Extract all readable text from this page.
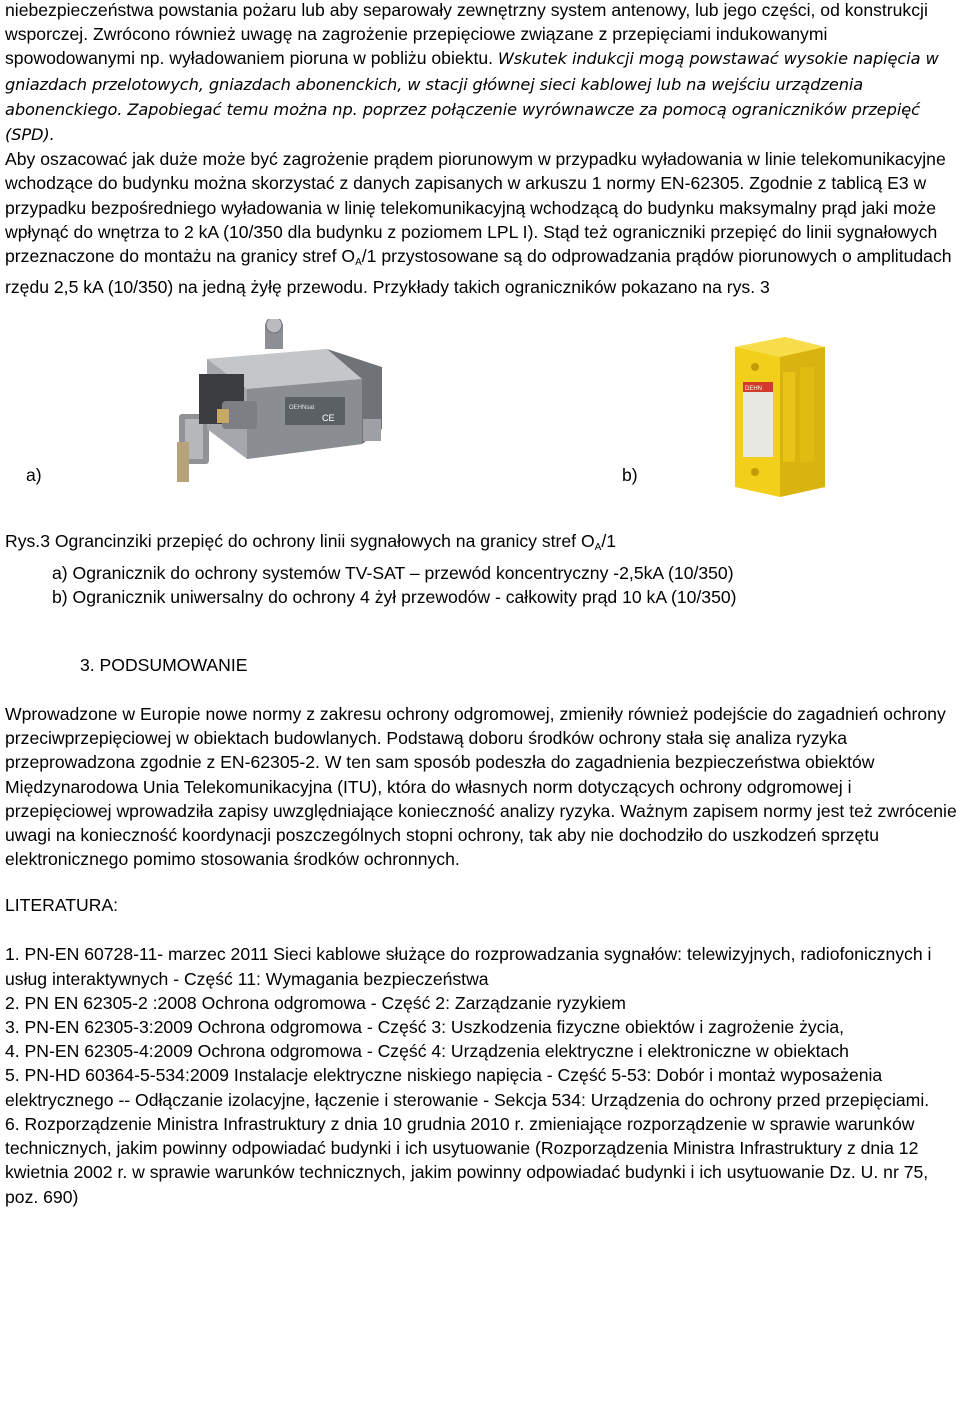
niebezpieczeństwa powstania pożaru lub aby separowały zewnętrzny system antenowy, lub jego części, od konstrukcji wsporczej. Zwrócono również uwagę na zagrożenie przepięciowe związane z przepięciami indukowanymi spowodowanymi np. wyładowaniem pioruna w pobliżu obiektu. Wskutek indukcji mogą powstawać wysokie napięcia w gniazdach przelotowych, gniazdach abonenckich, w stacji głównej sieci kablowej lub na wejściu urządzenia abonenckiego. Zapobiegać temu można np. poprzez połączenie wyrównawcze za pomocą ograniczników przepięć (SPD).

Aby oszacować jak duże może być zagrożenie prądem piorunowym w przypadku wyładowania w linie telekomunikacyjne wchodzące do budynku można skorzystać z danych zapisanych w arkuszu 1 normy EN-62305. Zgodnie z tablicą E3 w przypadku bezpośredniego wyładowania w linię telekomunikacyjną wchodzącą do budynku maksymalny prąd jaki może wpłynąć do wnętrza to 2 kA (10/350 dla budynku z poziomem LPL I). Stąd też ograniczniki przepięć do linii sygnałowych przeznaczone do montażu na granicy stref $O_A/1$ przystosowane są do odprowadzania prądów piorunowych o amplitudach rzędu 2,5 kA (10/350) na jedną żyłę przewodu. Przykłady takich ograniczników pokazano na rys. 3

OEHNsat
CE
DEHN
a)	b)

Rys.3 Ograncinziki przepięć do ochrony linii sygnałowych na granicy stref $O_A/1$

a) Ogranicznik do ochrony systemów TV-SAT – przewód koncentryczny -2,5kA (10/350)

b) Ogranicznik uniwersalny do ochrony 4 żył przewodów - całkowity prąd 10 kA (10/350)

3. PODSUMOWANIE

Wprowadzone w Europie nowe normy z zakresu ochrony odgromowej, zmieniły również podejście do zagadnień ochrony przeciwprzepięciowej w obiektach budowlanych. Podstawą doboru środków ochrony stała się analiza ryzyka przeprowadzona zgodnie z EN-62305-2. W ten sam sposób podeszła do zagadnienia bezpieczeństwa obiektów Międzynarodowa Unia Telekomunikacyjna (ITU), która do własnych norm dotyczących ochrony odgromowej i przepięciowej wprowadziła zapisy uwzględniające konieczność analizy ryzyka. Ważnym zapisem normy jest też zwrócenie uwagi na konieczność koordynacji poszczególnych stopni ochrony, tak aby nie dochodziło do uszkodzeń sprzętu elektronicznego pomimo stosowania środków ochronnych.

LITERATURA:

1. PN-EN 60728-11- marzec 2011 Sieci kablowe służące do rozprowadzania sygnałów: telewizyjnych, radiofonicznych i usług interaktywnych - Część 11: Wymagania bezpieczeństwa

2. PN EN 62305-2 :2008 Ochrona odgromowa - Część 2: Zarządzanie ryzykiem

3. PN-EN 62305-3:2009 Ochrona odgromowa - Część 3: Uszkodzenia fizyczne obiektów i zagrożenie życia,

4. PN-EN 62305-4:2009 Ochrona odgromowa - Część 4: Urządzenia elektryczne i elektroniczne w obiektach

5. PN-HD 60364-5-534:2009 Instalacje elektryczne niskiego napięcia - Część 5-53: Dobór i montaż wyposażenia elektrycznego -- Odłączanie izolacyjne, łączenie i sterowanie - Sekcja 534: Urządzenia do ochrony przed przepięciami.

6. Rozporządzenie Ministra Infrastruktury z dnia 10 grudnia 2010 r. zmieniające rozporządzenie w sprawie warunków technicznych, jakim powinny odpowiadać budynki i ich usytuowanie (Rozporządzenia Ministra Infrastruktury z dnia 12 kwietnia 2002 r. w sprawie warunków technicznych, jakim powinny odpowiadać budynki i ich usytuowanie Dz. U. nr 75, poz. 690)
